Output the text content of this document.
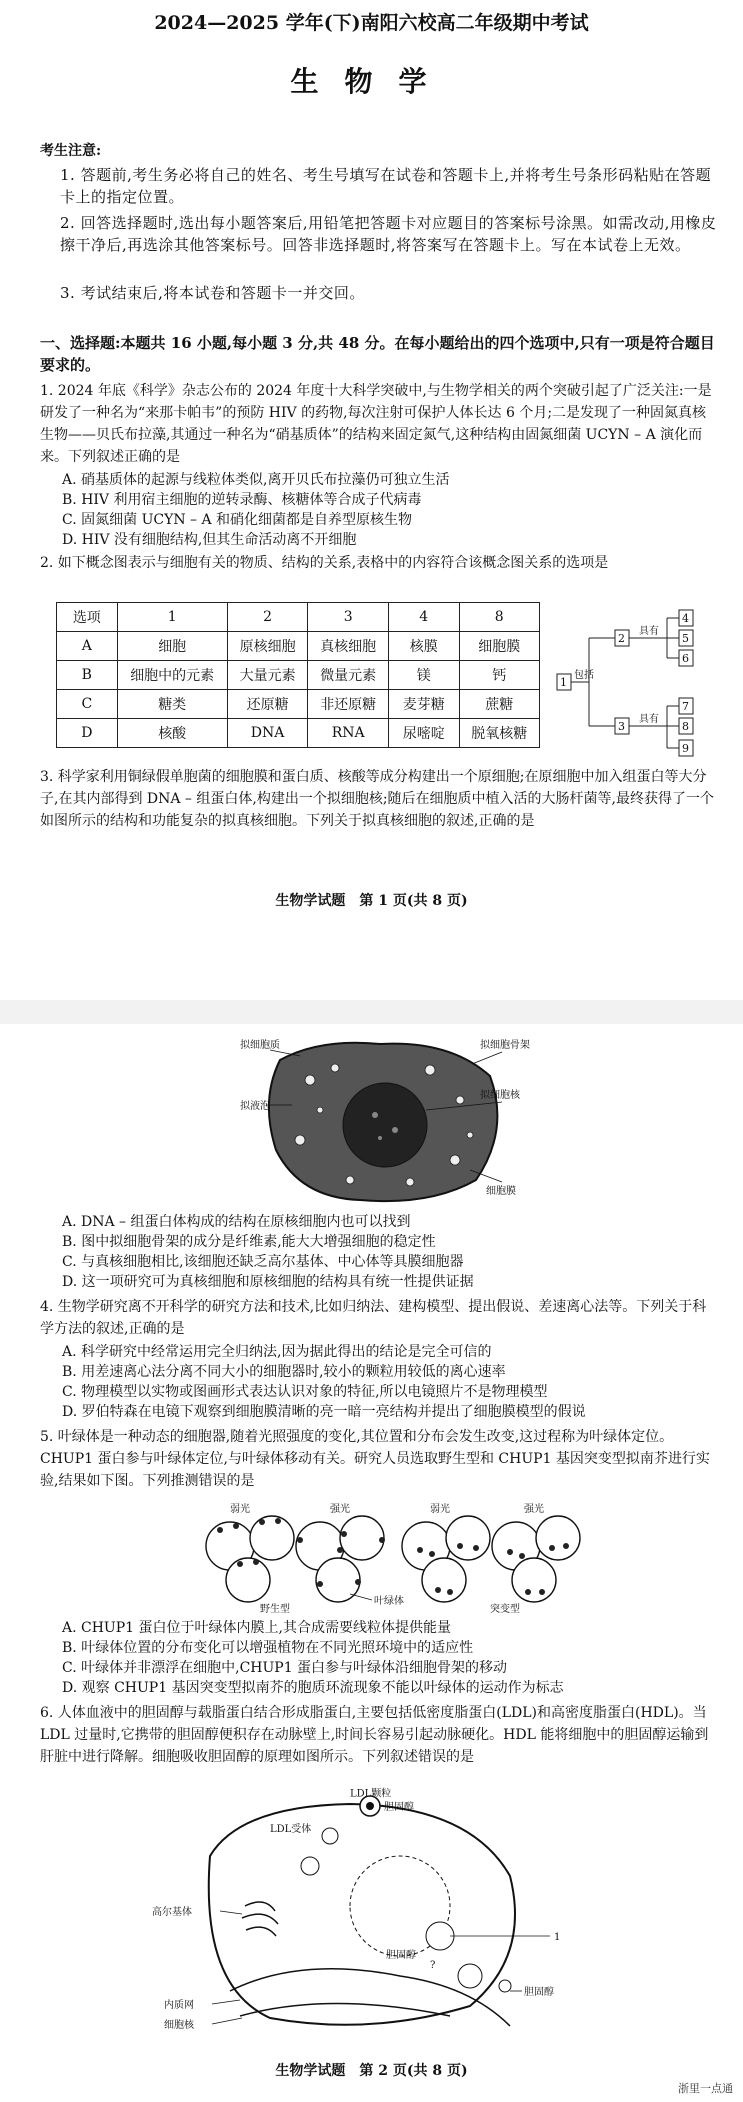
2024—2025 学年(下)南阳六校高二年级期中考试
生物学
考生注意:
1. 答题前,考生务必将自己的姓名、考生号填写在试卷和答题卡上,并将考生号条形码粘贴在答题卡上的指定位置。
2. 回答选择题时,选出每小题答案后,用铅笔把答题卡对应题目的答案标号涂黑。如需改动,用橡皮擦干净后,再选涂其他答案标号。回答非选择题时,将答案写在答题卡上。写在本试卷上无效。
3. 考试结束后,将本试卷和答题卡一并交回。
一、选择题:本题共 16 小题,每小题 3 分,共 48 分。在每小题给出的四个选项中,只有一项是符合题目要求的。

1. 2024 年底《科学》杂志公布的 2024 年度十大科学突破中,与生物学相关的两个突破引起了广泛关注:一是研发了一种名为“来那卡帕韦”的预防 HIV 的药物,每次注射可保护人体长达 6 个月;二是发现了一种固氮真核生物——贝氏布拉藻,其通过一种名为“硝基质体”的结构来固定氮气,这种结构由固氮细菌 UCYN – A 演化而来。下列叙述正确的是

A. 硝基质体的起源与线粒体类似,离开贝氏布拉藻仍可独立生活

B. HIV 利用宿主细胞的逆转录酶、核糖体等合成子代病毒

C. 固氮细菌 UCYN – A 和硝化细菌都是自养型原核生物

D. HIV 没有细胞结构,但其生命活动离不开细胞

2. 如下概念图表示与细胞有关的物质、结构的关系,表格中的内容符合该概念图关系的选项是

选项	1	2	3	4	8
A	细胞	原核细胞	真核细胞	核膜	细胞膜
B	细胞中的元素	大量元素	微量元素	镁	钙
C	糖类	还原糖	非还原糖	麦芽糖	蔗糖
D	核酸	DNA	RNA	尿嘧啶	脱氧核糖
1
包括
2
3
具有
具有
4
5
6
7
8
9

3. 科学家利用铜绿假单胞菌的细胞膜和蛋白质、核酸等成分构建出一个原细胞;在原细胞中加入组蛋白等大分子,在其内部得到 DNA – 组蛋白体,构建出一个拟细胞核;随后在细胞质中植入活的大肠杆菌等,最终获得了一个如图所示的结构和功能复杂的拟真核细胞。下列关于拟真核细胞的叙述,正确的是

生物学试题　第 1 页(共 8 页)
拟细胞质
拟液泡
拟细胞骨架
拟细胞核
细胞膜

A. DNA – 组蛋白体构成的结构在原核细胞内也可以找到

B. 图中拟细胞骨架的成分是纤维素,能大大增强细胞的稳定性

C. 与真核细胞相比,该细胞还缺乏高尔基体、中心体等具膜细胞器

D. 这一项研究可为真核细胞和原核细胞的结构具有统一性提供证据

4. 生物学研究离不开科学的研究方法和技术,比如归纳法、建构模型、提出假说、差速离心法等。下列关于科学方法的叙述,正确的是

A. 科学研究中经常运用完全归纳法,因为据此得出的结论是完全可信的

B. 用差速离心法分离不同大小的细胞器时,较小的颗粒用较低的离心速率

C. 物理模型以实物或图画形式表达认识对象的特征,所以电镜照片不是物理模型

D. 罗伯特森在电镜下观察到细胞膜清晰的亮一暗一亮结构并提出了细胞膜模型的假说

5. 叶绿体是一种动态的细胞器,随着光照强度的变化,其位置和分布会发生改变,这过程称为叶绿体定位。CHUP1 蛋白参与叶绿体定位,与叶绿体移动有关。研究人员选取野生型和 CHUP1 基因突变型拟南芥进行实验,结果如下图。下列推测错误的是

弱光	强光	弱光	强光
叶绿体
野生型	突变型

A. CHUP1 蛋白位于叶绿体内膜上,其合成需要线粒体提供能量

B. 叶绿体位置的分布变化可以增强植物在不同光照环境中的适应性

C. 叶绿体并非漂浮在细胞中,CHUP1 蛋白参与叶绿体沿细胞骨架的移动

D. 观察 CHUP1 基因突变型拟南芥的胞质环流现象不能以叶绿体的运动作为标志

6. 人体血液中的胆固醇与载脂蛋白结合形成脂蛋白,主要包括低密度脂蛋白(LDL)和高密度脂蛋白(HDL)。当 LDL 过量时,它携带的胆固醇便积存在动脉壁上,时间长容易引起动脉硬化。HDL 能将细胞中的胆固醇运输到肝脏中进行降解。细胞吸收胆固醇的原理如图所示。下列叙述错误的是

LDL颗粒
胆固醇
LDL受体
高尔基体
胆固醇
胆固醇
1
?
内质网
细胞核
生物学试题　第 2 页(共 8 页)
浙里一点通
